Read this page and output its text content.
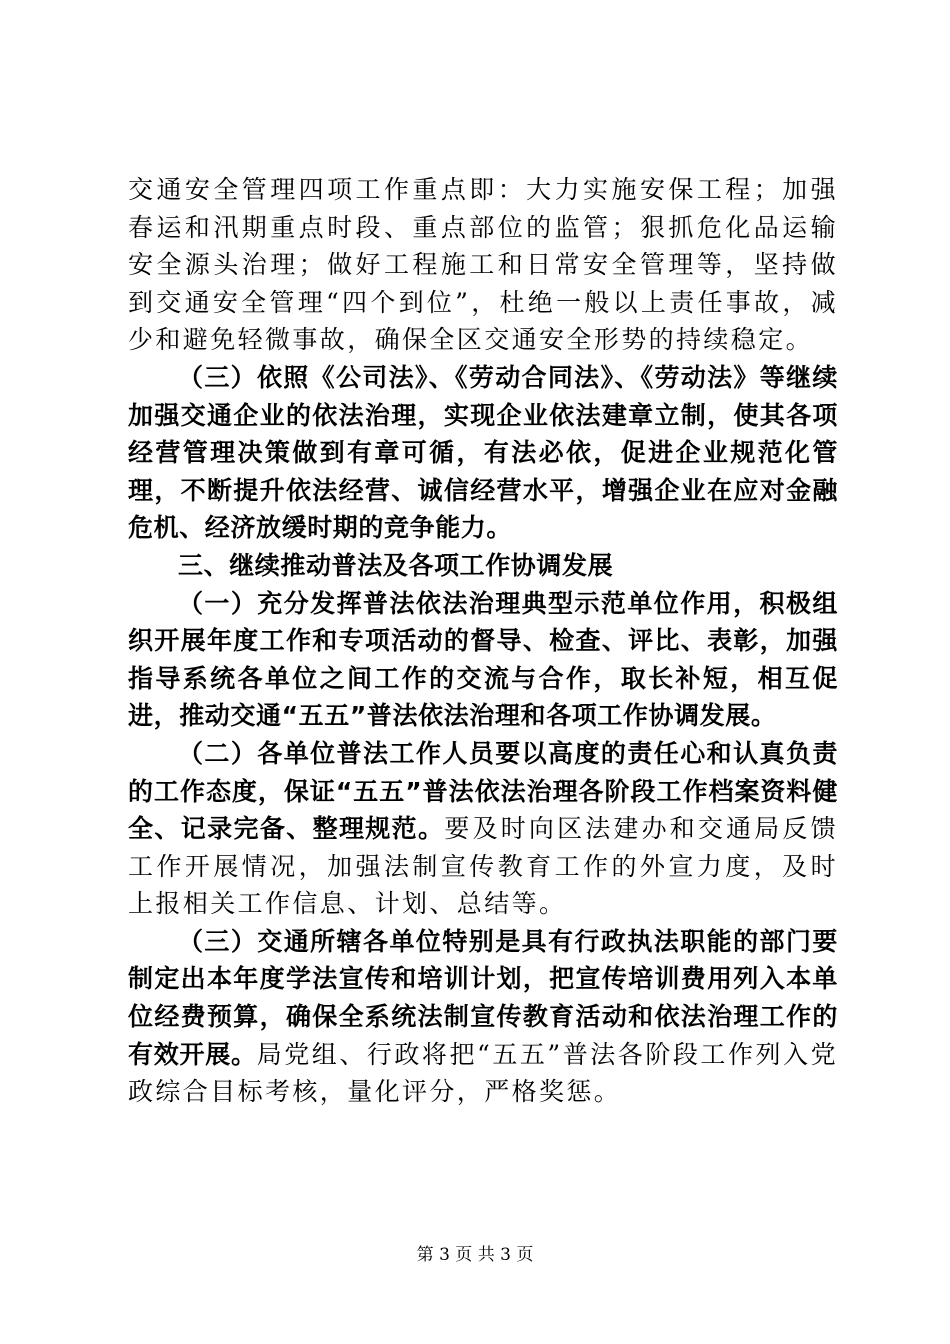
交通安全管理四项工作重点即：大力实施安保工程；加强春运和汛期重点时段、重点部位的监管；狠抓危化品运输安全源头治理；做好工程施工和日常安全管理等，坚持做到交通安全管理“四个到位”，杜绝一般以上责任事故，减少和避免轻微事故，确保全区交通安全形势的持续稳定。

（三）依照《公司法》、《劳动合同法》、《劳动法》等继续加强交通企业的依法治理，实现企业依法建章立制，使其各项经营管理决策做到有章可循，有法必依，促进企业规范化管理，不断提升依法经营、诚信经营水平，增强企业在应对金融危机、经济放缓时期的竞争能力。

三、继续推动普法及各项工作协调发展

（一）充分发挥普法依法治理典型示范单位作用，积极组织开展年度工作和专项活动的督导、检查、评比、表彰，加强指导系统各单位之间工作的交流与合作，取长补短，相互促进，推动交通“五五”普法依法治理和各项工作协调发展。

（二）各单位普法工作人员要以高度的责任心和认真负责的工作态度，保证“五五”普法依法治理各阶段工作档案资料健全、记录完备、整理规范。要及时向区法建办和交通局反馈工作开展情况，加强法制宣传教育工作的外宣力度，及时上报相关工作信息、计划、总结等。

（三）交通所辖各单位特别是具有行政执法职能的部门要制定出本年度学法宣传和培训计划，把宣传培训费用列入本单位经费预算，确保全系统法制宣传教育活动和依法治理工作的有效开展。局党组、行政将把“五五”普法各阶段工作列入党政综合目标考核，量化评分，严格奖惩。

第 3 页 共 3 页
